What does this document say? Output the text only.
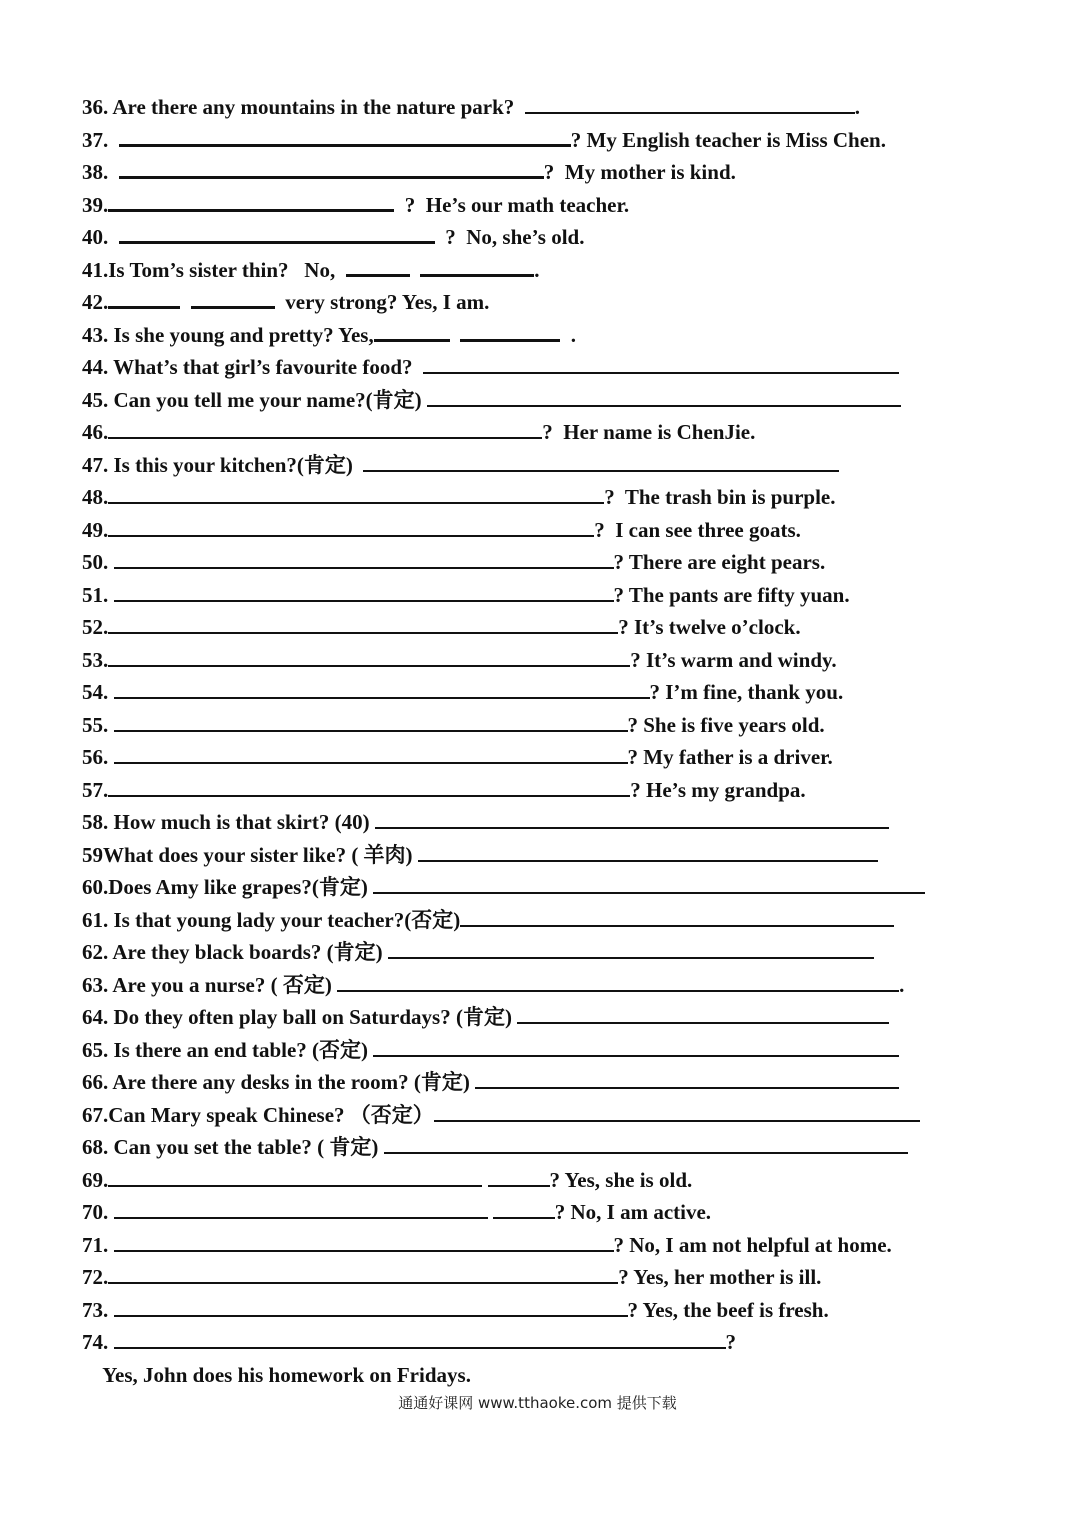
36. Are there any mountains in the nature park?	.
37.	? My English teacher is Miss Chen.
38.	?  My mother is kind.
39.	?  He’s our math teacher.
40.	?  No, she’s old.
41.Is Tom’s sister thin?   No,	.
42.	very strong? Yes, I am.
43. Is she young and pretty? Yes,	.
44. What’s that girl’s favourite food?
45. Can you tell me your name?(肯定)
46.	?  Her name is ChenJie.
47. Is this your kitchen?(肯定)
48.	?  The trash bin is purple.
49.	?  I can see three goats.
50.	? There are eight pears.
51.	? The pants are fifty yuan.
52.	? It’s twelve o’clock.
53.	? It’s warm and windy.
54.	? I’m fine, thank you.
55.	? She is five years old.
56.	? My father is a driver.
57.	? He’s my grandpa.
58. How much is that skirt? (40)
59What does your sister like? ( 羊肉)
60.Does Amy like grapes?(肯定)
61. Is that young lady your teacher?(否定)
62. Are they black boards? (肯定)
63. Are you a nurse? ( 否定)	.
64. Do they often play ball on Saturdays? (肯定)
65. Is there an end table? (否定)
66. Are there any desks in the room? (肯定)
67.Can Mary speak Chinese? （否定）
68. Can you set the table? ( 肯定)
69.	? Yes, she is old.
70.	? No, I am active.
71.	? No, I am not helpful at home.
72.	? Yes, her mother is ill.
73.	? Yes, the beef is fresh.
74.	?
Yes, John does his homework on Fridays.
通通好课网 www.tthaoke.com 提供下载
